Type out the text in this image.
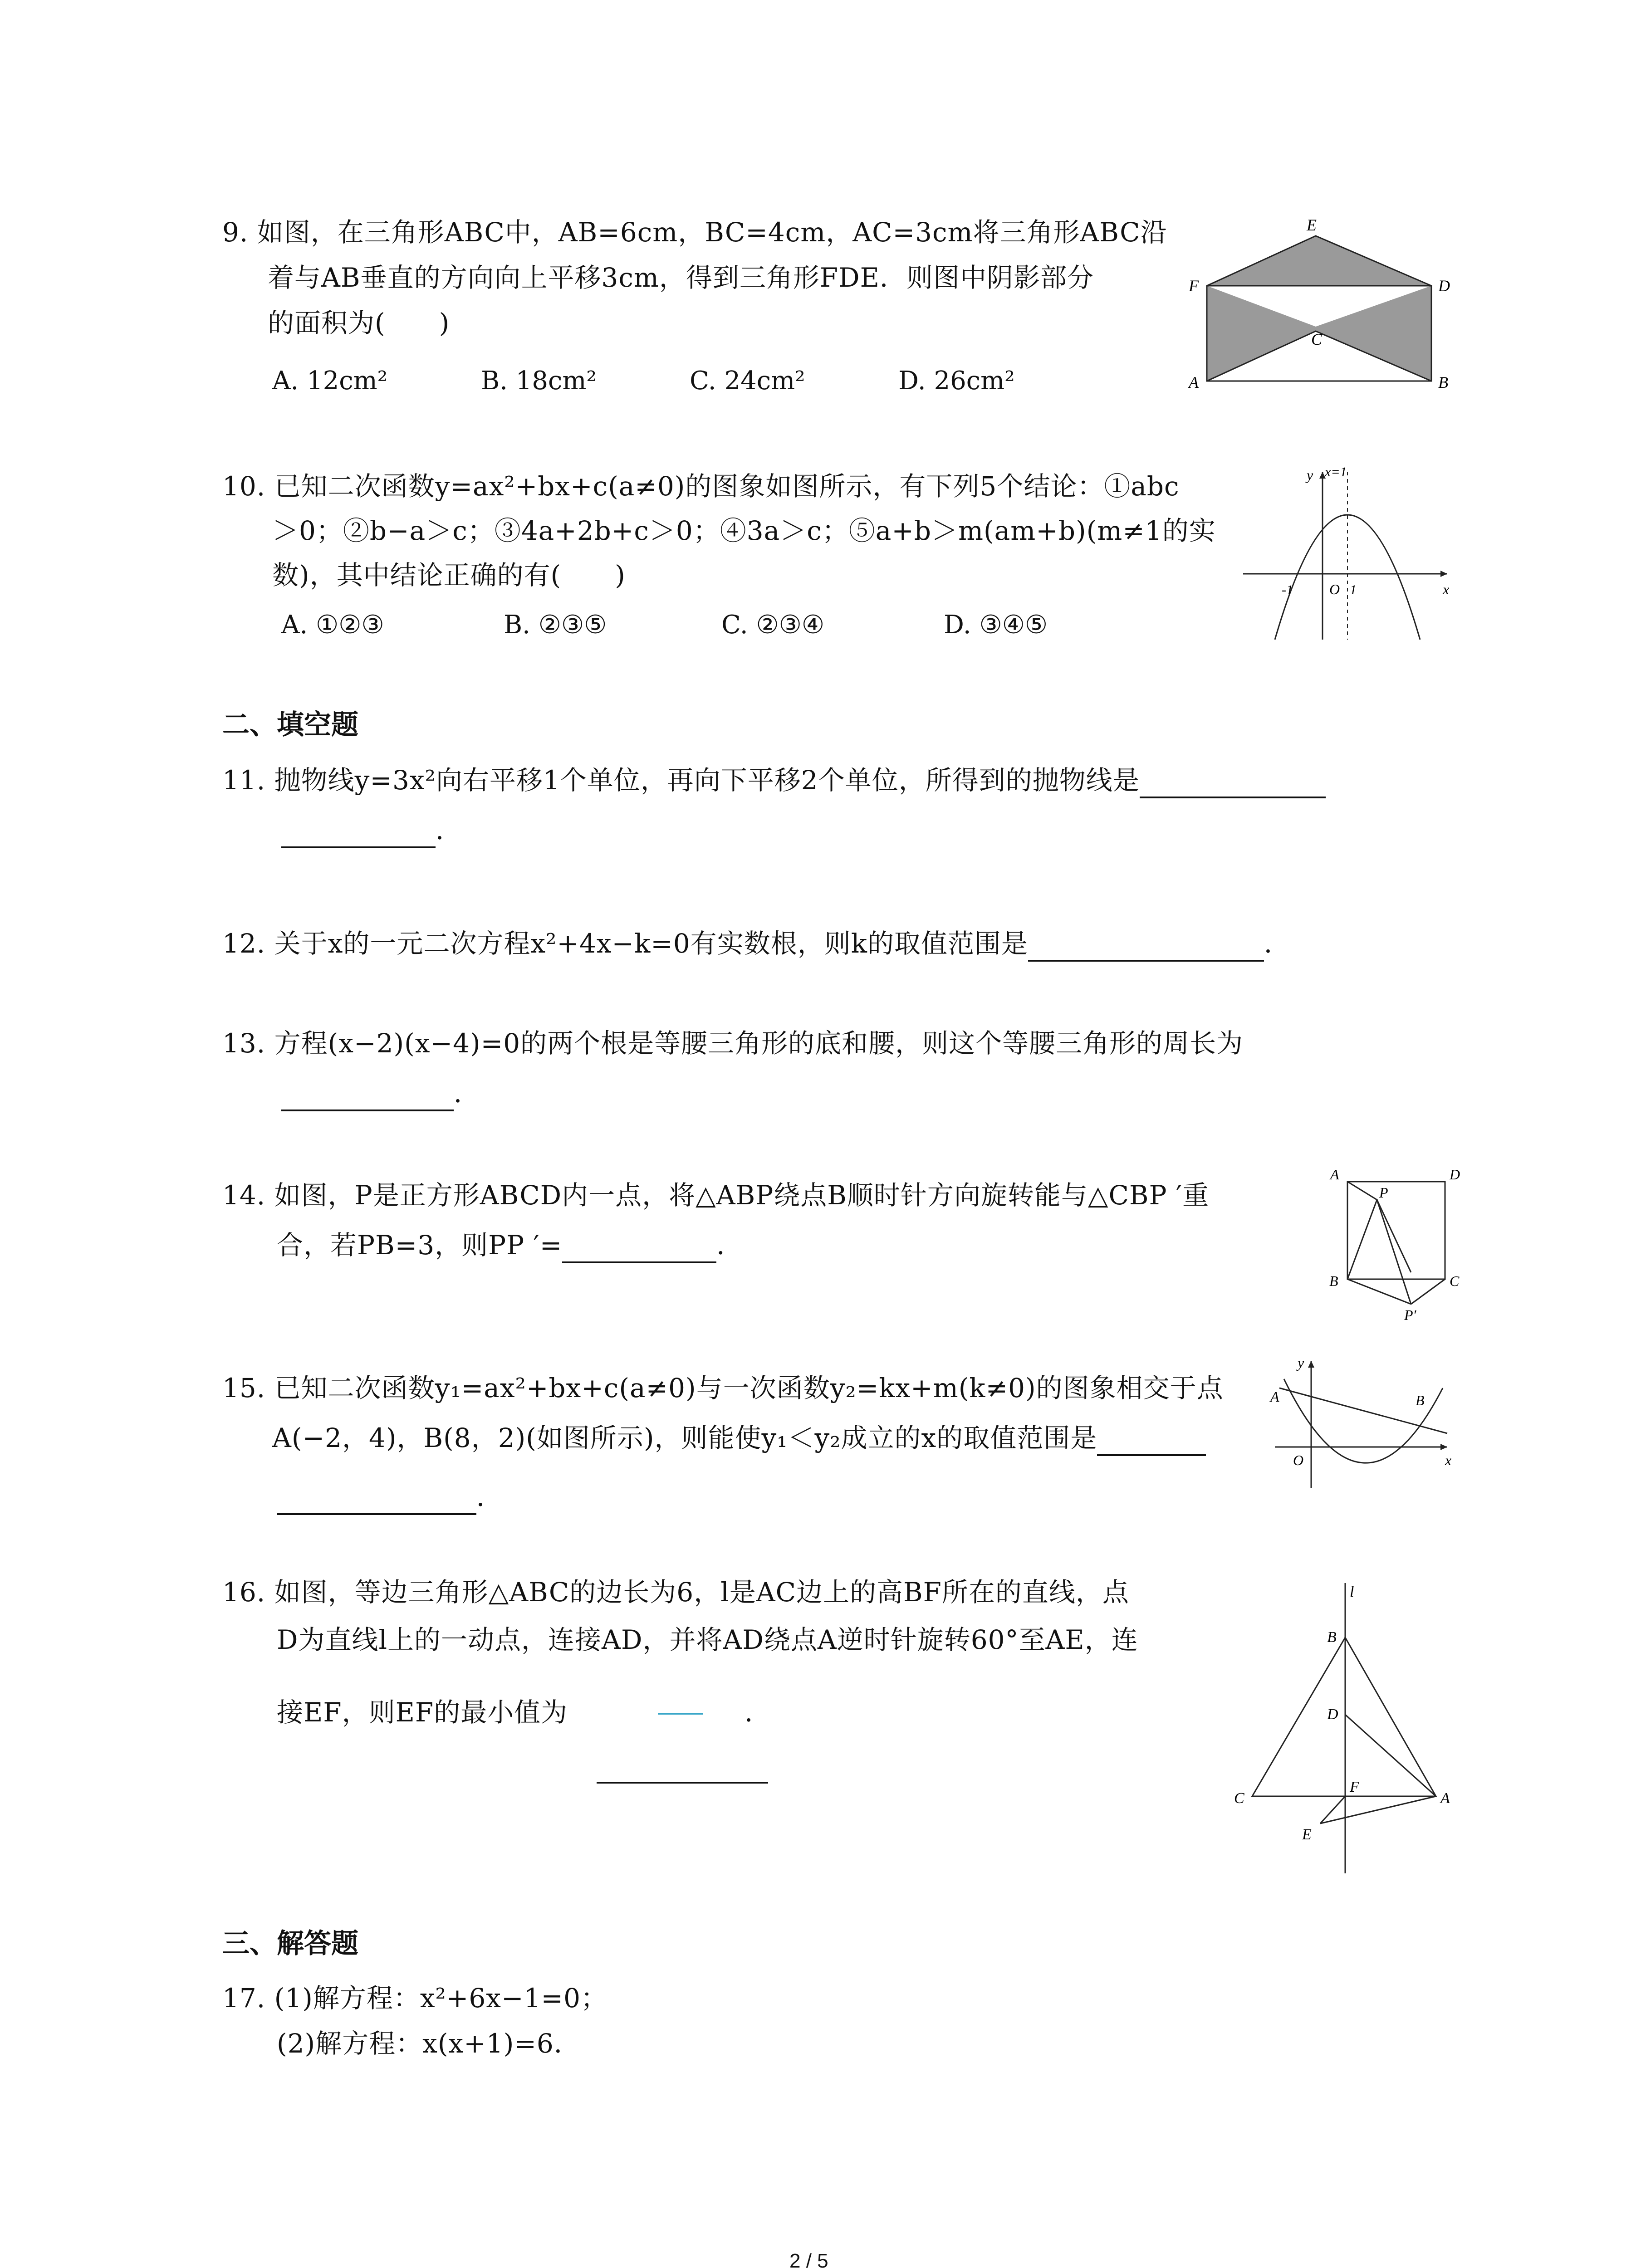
9. 如图，在三角形ABC中，AB=6cm，BC=4cm，AC=3cm将三角形ABC沿
着与AB垂直的方向向上平移3cm，得到三角形FDE．则图中阴影部分
的面积为(　　)
A. 12cm²	B. 18cm²	C. 24cm²	D. 26cm²
E
F	D
C
A	B
10. 已知二次函数y=ax²+bx+c(a≠0)的图象如图所示，有下列5个结论：①abc
＞0；②b−a＞c；③4a+2b+c＞0；④3a＞c；⑤a+b＞m(am+b)(m≠1的实
数)，其中结论正确的有(　　)
A. ①②③	B. ②③⑤	C. ②③④	D. ③④⑤
x=1
y
x
O
-1	1
二、填空题
11. 抛物线y=3x²向右平移1个单位，再向下平移2个单位，所得到的抛物线是
．
12. 关于x的一元二次方程x²+4x−k=0有实数根，则k的取值范围是	．
13. 方程(x−2)(x−4)=0的两个根是等腰三角形的底和腰，则这个等腰三角形的周长为
．
14. 如图，P是正方形ABCD内一点，将△ABP绕点B顺时针方向旋转能与△CBP ′重
合，若PB=3，则PP ′=	．
A	D
P
B	C
P′
15. 已知二次函数y₁=ax²+bx+c(a≠0)与一次函数y₂=kx+m(k≠0)的图象相交于点
A(−2，4)，B(8，2)(如图所示)，则能使y₁＜y₂成立的x的取值范围是
．
y
x
O
A	B
16. 如图，等边三角形△ABC的边长为6，l是AC边上的高BF所在的直线，点
D为直线l上的一动点，连接AD，并将AD绕点A逆时针旋转60°至AE，连
接EF，则EF的最小值为	．
l
B
D
F
C	A
E
三、解答题
17. (1)解方程：x²+6x−1=0；
(2)解方程：x(x+1)=6．
2 / 5
